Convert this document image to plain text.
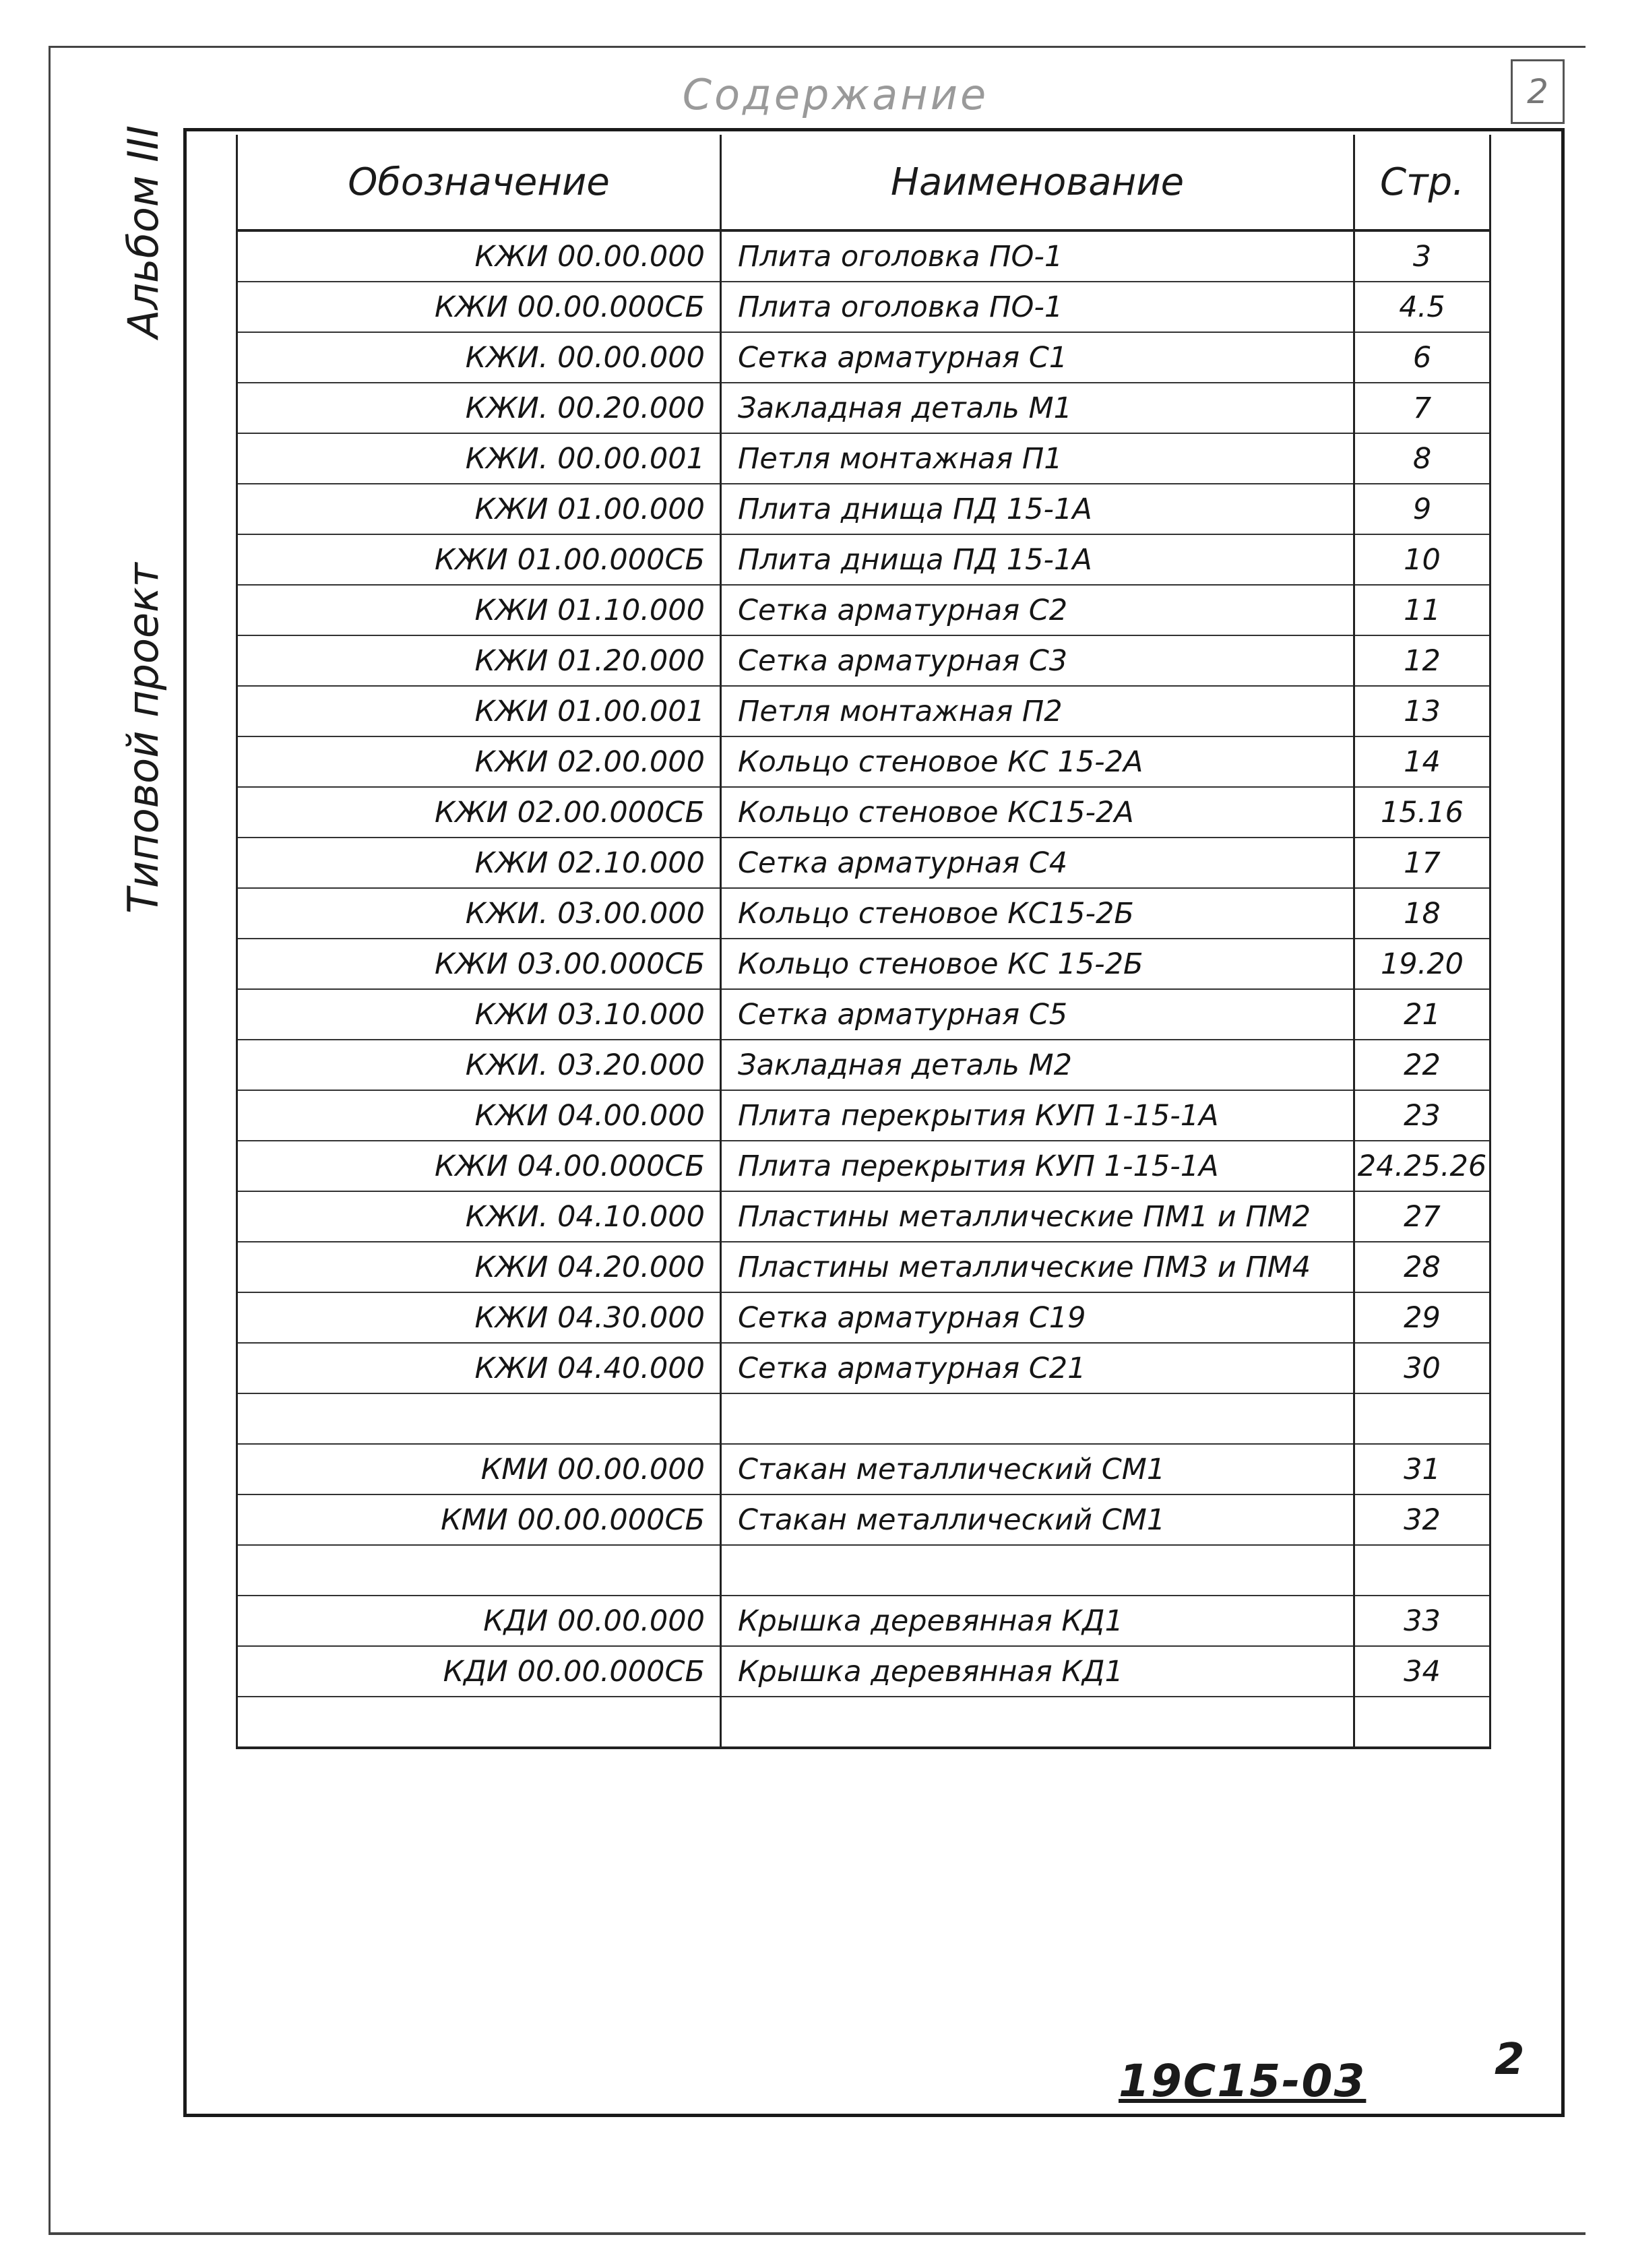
Содержание	2
Альбом III
Типовой проект
Обозначение	Наименование	Стр.
КЖИ 00.00.000	Плита оголовка ПО-1	3
КЖИ 00.00.000СБ	Плита оголовка ПО-1	4.5
КЖИ. 00.00.000	Сетка арматурная С1	6
КЖИ. 00.20.000	Закладная деталь М1	7
КЖИ. 00.00.001	Петля монтажная П1	8
КЖИ 01.00.000	Плита днища ПД 15-1А	9
КЖИ 01.00.000СБ	Плита днища ПД 15-1А	10
КЖИ 01.10.000	Сетка арматурная С2	11
КЖИ 01.20.000	Сетка арматурная С3	12
КЖИ 01.00.001	Петля монтажная П2	13
КЖИ 02.00.000	Кольцо стеновое КС 15-2А	14
КЖИ 02.00.000СБ	Кольцо стеновое КС15-2А	15.16
КЖИ 02.10.000	Сетка арматурная С4	17
КЖИ. 03.00.000	Кольцо стеновое КС15-2Б	18
КЖИ 03.00.000СБ	Кольцо стеновое КС 15-2Б	19.20
КЖИ 03.10.000	Сетка арматурная С5	21
КЖИ. 03.20.000	Закладная деталь М2	22
КЖИ 04.00.000	Плита перекрытия КУП 1-15-1А	23
КЖИ 04.00.000СБ	Плита перекрытия КУП 1-15-1А	24.25.26
КЖИ. 04.10.000	Пластины металлические ПМ1 и ПМ2	27
КЖИ 04.20.000	Пластины металлические ПМ3 и ПМ4	28
КЖИ 04.30.000	Сетка арматурная С19	29
КЖИ 04.40.000	Сетка арматурная С21	30

КМИ 00.00.000	Стакан металлический СМ1	31
КМИ 00.00.000СБ	Стакан металлический СМ1	32

КДИ 00.00.000	Крышка деревянная КД1	33
КДИ 00.00.000СБ	Крышка деревянная КД1	34

19С15-03	2
